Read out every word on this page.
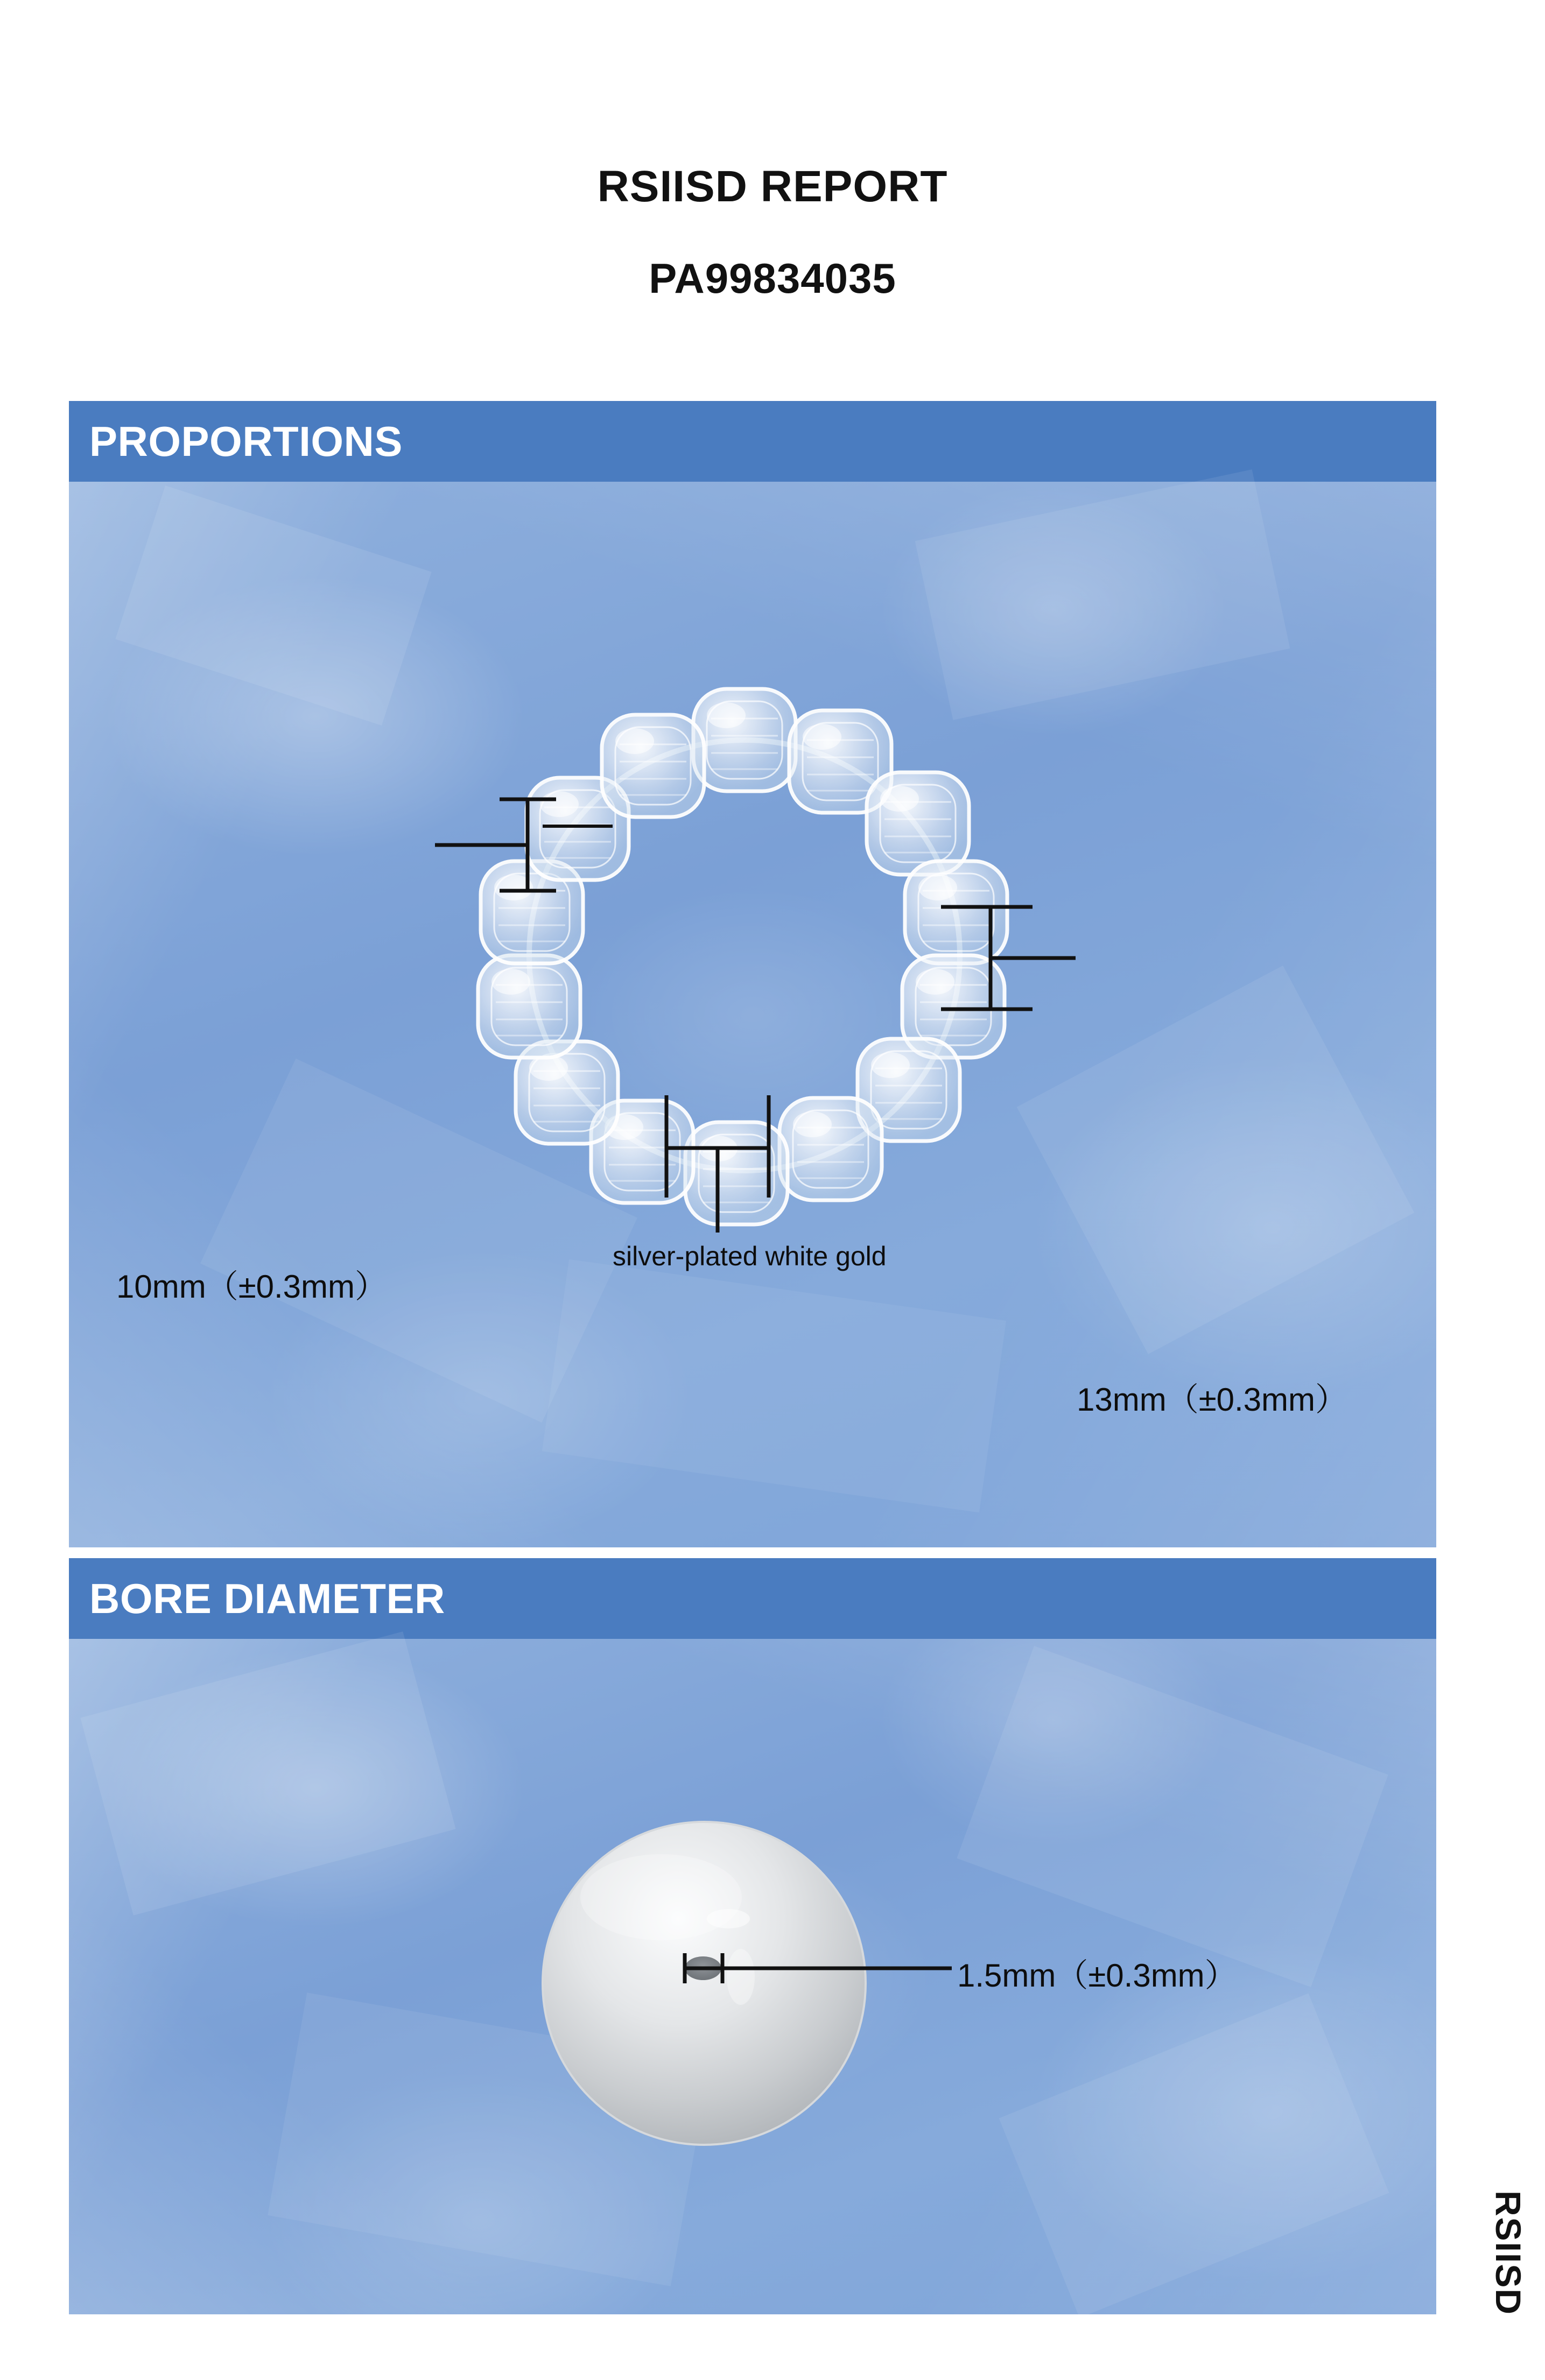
RSIISD REPORT
PA99834035
PROPORTIONS
10mm（±0.3mm）
silver-plated white gold
13mm（±0.3mm）
BORE DIAMETER
1.5mm（±0.3mm）
RSIISD
